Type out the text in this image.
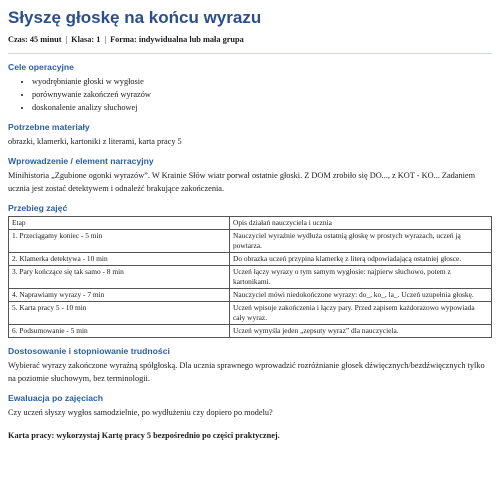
Słyszę głoskę na końcu wyrazu
Czas: 45 minut | Klasa: 1 | Forma: indywidualna lub mała grupa
Cele operacyjne
• wyodrębnianie głoski w wygłosie
• porównywanie zakończeń wyrazów
• doskonalenie analizy słuchowej
Potrzebne materiały

obrazki, klamerki, kartoniki z literami, karta pracy 5

Wprowadzenie / element narracyjny

Minihistoria „Zgubione ogonki wyrazów”. W Krainie Słów wiatr porwał ostatnie głoski. Z DOM zrobiło się DO..., z KOT - KO... Zadaniem ucznia jest zostać detektywem i odnaleźć brakujące zakończenia.

Przebieg zajęć
Etap	Opis działań nauczyciela i ucznia
1. Przeciągamy koniec - 5 min	Nauczyciel wyraźnie wydłuża ostatnią głoskę w prostych wyrazach, uczeń ją powtarza.
2. Klamerka detektywa - 10 min	Do obrazka uczeń przypina klamerkę z literą odpowiadającą ostatniej głosce.
3. Pary kończące się tak samo - 8 min	Uczeń łączy wyrazy o tym samym wygłosie: najpierw słuchowo, potem z kartonikami.
4. Naprawiamy wyrazy - 7 min	Nauczyciel mówi niedokończone wyrazy: do_, ko_, la_. Uczeń uzupełnia głoskę.
5. Karta pracy 5 - 10 min	Uczeń wpisuje zakończenia i łączy pary. Przed zapisem każdorazowo wypowiada cały wyraz.
6. Podsumowanie - 5 min	Uczeń wymyśla jeden „zepsuty wyraz” dla nauczyciela.
Dostosowanie i stopniowanie trudności

Wybierać wyrazy zakończone wyraźną spółgłoską. Dla ucznia sprawnego wprowadzić rozróżnianie głosek dźwięcznych/bezdźwięcznych tylko na poziomie słuchowym, bez terminologii.

Ewaluacja po zajęciach

Czy uczeń słyszy wygłos samodzielnie, po wydłużeniu czy dopiero po modelu?

Karta pracy: wykorzystaj Kartę pracy 5 bezpośrednio po części praktycznej.
